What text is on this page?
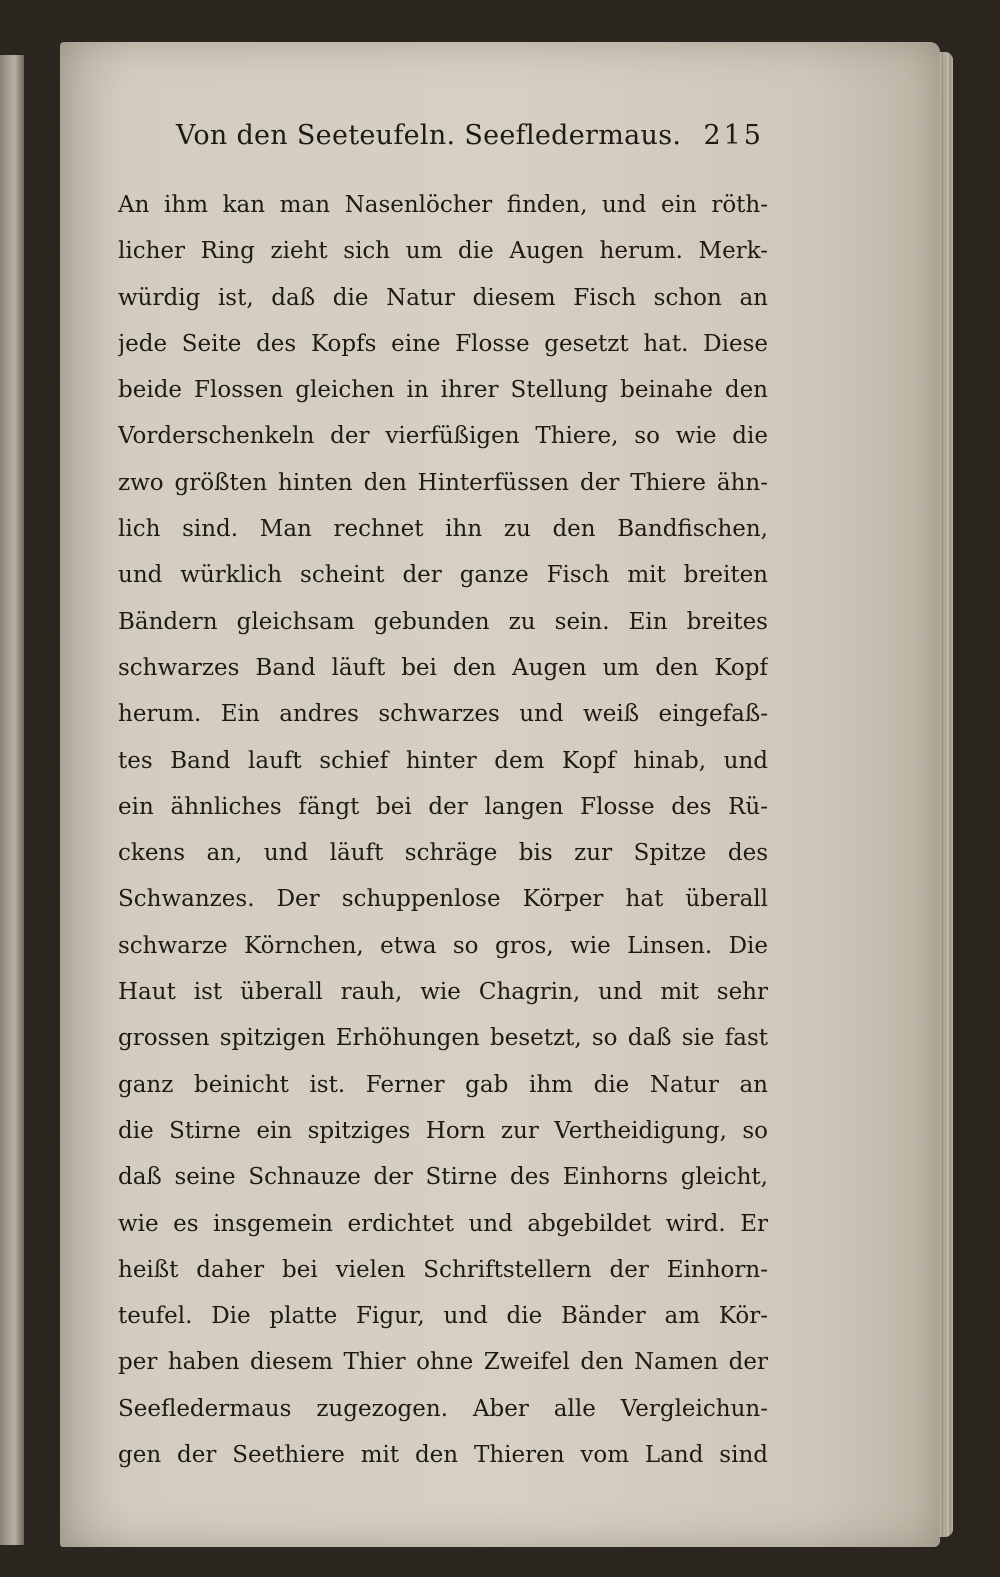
Von den Seeteufeln. Seefledermaus. 215
An ihm kan man Nasenlöcher finden, und ein röth-
licher Ring zieht sich um die Augen herum. Merk-
würdig ist, daß die Natur diesem Fisch schon an
jede Seite des Kopfs eine Flosse gesetzt hat. Diese
beide Flossen gleichen in ihrer Stellung beinahe den
Vorderschenkeln der vierfüßigen Thiere, so wie die
zwo größten hinten den Hinterfüssen der Thiere ähn-
lich sind. Man rechnet ihn zu den Bandfischen,
und würklich scheint der ganze Fisch mit breiten
Bändern gleichsam gebunden zu sein. Ein breites
schwarzes Band läuft bei den Augen um den Kopf
herum. Ein andres schwarzes und weiß eingefaß-
tes Band lauft schief hinter dem Kopf hinab, und
ein ähnliches fängt bei der langen Flosse des Rü-
ckens an, und läuft schräge bis zur Spitze des
Schwanzes. Der schuppenlose Körper hat überall
schwarze Körnchen, etwa so gros, wie Linsen. Die
Haut ist überall rauh, wie Chagrin, und mit sehr
grossen spitzigen Erhöhungen besetzt, so daß sie fast
ganz beinicht ist. Ferner gab ihm die Natur an
die Stirne ein spitziges Horn zur Vertheidigung, so
daß seine Schnauze der Stirne des Einhorns gleicht,
wie es insgemein erdichtet und abgebildet wird. Er
heißt daher bei vielen Schriftstellern der Einhorn-
teufel. Die platte Figur, und die Bänder am Kör-
per haben diesem Thier ohne Zweifel den Namen der
Seefledermaus zugezogen. Aber alle Vergleichun-
gen der Seethiere mit den Thieren vom Land sind
